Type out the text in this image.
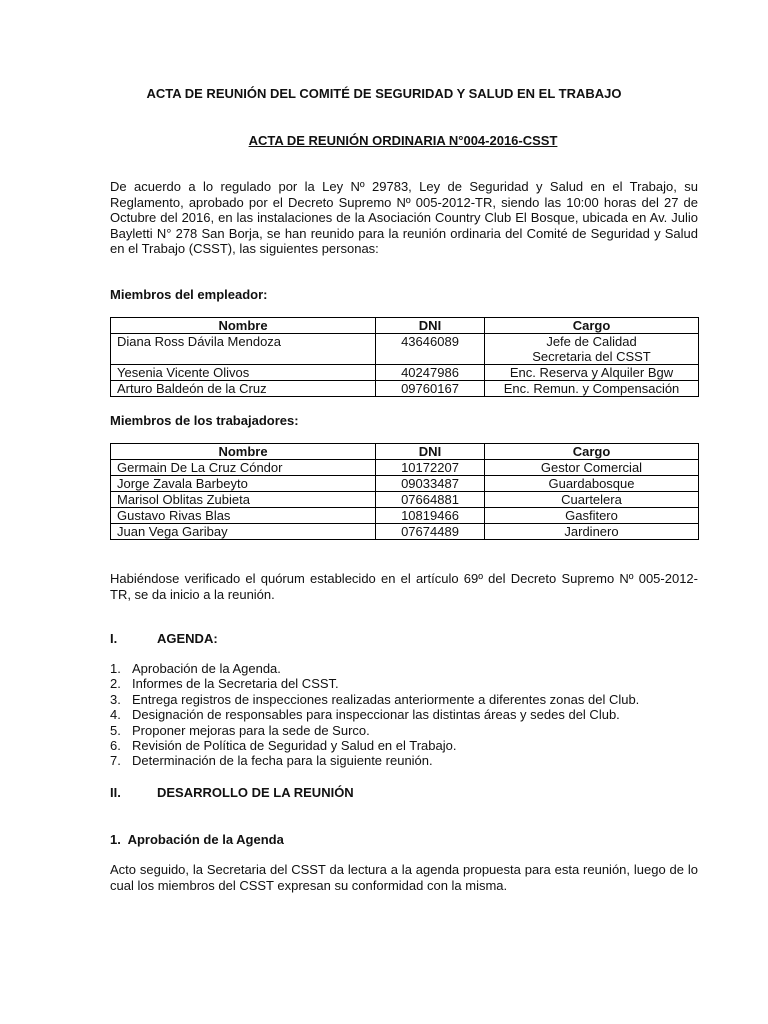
ACTA DE REUNIÓN DEL COMITÉ DE SEGURIDAD Y SALUD EN EL TRABAJO
ACTA DE REUNIÓN ORDINARIA N°004-2016-CSST
De acuerdo a lo regulado por la Ley Nº 29783, Ley de Seguridad y Salud en el Trabajo, su Reglamento, aprobado por el Decreto Supremo Nº 005-2012-TR, siendo las 10:00 horas del 27 de Octubre del 2016, en las instalaciones de la Asociación Country Club El Bosque, ubicada en Av. Julio Bayletti N° 278 San Borja, se han reunido para la reunión ordinaria del Comité de Seguridad y Salud en el Trabajo (CSST), las siguientes personas:
Miembros del empleador:
Nombre	DNI	Cargo
Diana Ross Dávila Mendoza	43646089	Jefe de Calidad
Secretaria del CSST

Yesenia Vicente Olivos	40247986	Enc. Reserva y Alquiler Bgw
Arturo Baldeón de la Cruz	09760167	Enc. Remun. y Compensación
Miembros de los trabajadores:
Nombre	DNI	Cargo
Germain De La Cruz Cóndor	10172207	Gestor Comercial
Jorge Zavala Barbeyto	09033487	Guardabosque
Marisol Oblitas Zubieta	07664881	Cuartelera
Gustavo Rivas Blas	10819466	Gasfitero
Juan Vega Garibay	07674489	Jardinero
Habiéndose verificado el quórum establecido en el artículo 69º del Decreto Supremo Nº 005-2012-TR, se da inicio a la reunión.
I.	AGENDA:
1. Aprobación de la Agenda.
2. Informes de la Secretaria del CSST.
3. Entrega registros de inspecciones realizadas anteriormente a diferentes zonas del Club.
4. Designación de responsables para inspeccionar las distintas áreas y sedes del Club.
5. Proponer mejoras para la sede de Surco.
6. Revisión de Política de Seguridad y Salud en el Trabajo.
7. Determinación de la fecha para la siguiente reunión.
II.	DESARROLLO DE LA REUNIÓN
1.  Aprobación de la Agenda
Acto seguido, la Secretaria del CSST da lectura a la agenda propuesta para esta reunión, luego de lo cual los miembros del CSST expresan su conformidad con la misma.
